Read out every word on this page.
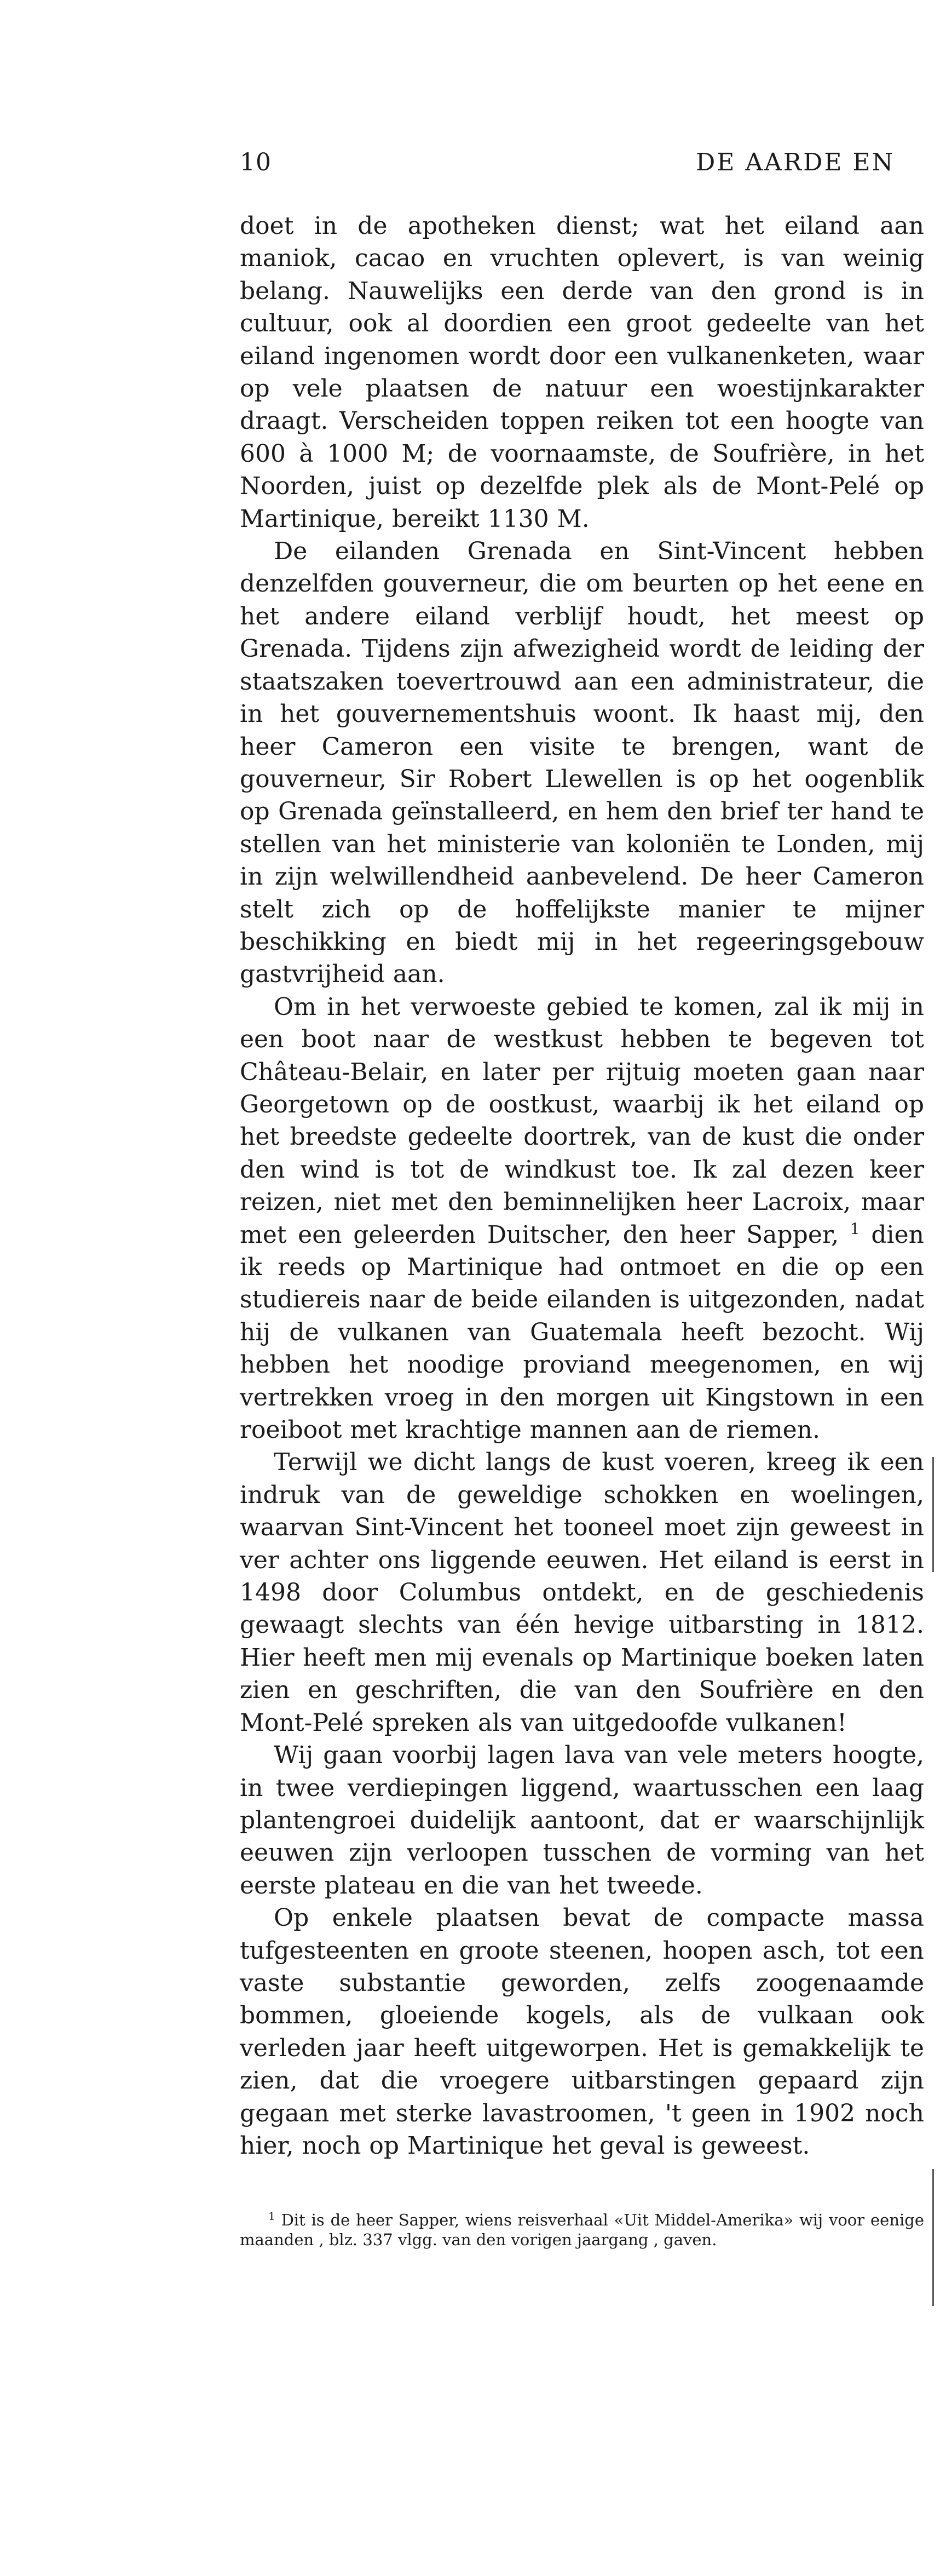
10	DE AARDE EN

doet in de apotheken dienst; wat het eiland aan maniok, cacao en vruchten oplevert, is van weinig belang. Nauwelijks een derde van den grond is in cultuur, ook al doordien een groot gedeelte van het eiland ingenomen wordt door een vulkanenketen, waar op vele plaatsen de natuur een woestijnkarakter draagt. Verscheiden toppen reiken tot een hoogte van 600 à 1000 M; de voornaamste, de Soufrière, in het Noorden, juist op dezelfde plek als de Mont-Pelé op Martinique, bereikt 1130 M.

De eilanden Grenada en Sint-Vincent hebben denzelfden gouverneur, die om beurten op het eene en het andere eiland verblijf houdt, het meest op Grenada. Tijdens zijn afwezigheid wordt de leiding der staatszaken toevertrouwd aan een administrateur, die in het gouvernementshuis woont. Ik haast mij, den heer Cameron een visite te brengen, want de gouverneur, Sir Robert Llewellen is op het oogenblik op Grenada geïnstalleerd, en hem den brief ter hand te stellen van het ministerie van koloniën te Londen, mij in zijn welwillendheid aanbevelend. De heer Cameron stelt zich op de hoffelijkste manier te mijner beschikking en biedt mij in het regeeringsgebouw gastvrijheid aan.

Om in het verwoeste gebied te komen, zal ik mij in een boot naar de westkust hebben te begeven tot Château-Belair, en later per rijtuig moeten gaan naar Georgetown op de oostkust, waarbij ik het eiland op het breedste gedeelte doortrek, van de kust die onder den wind is tot de windkust toe. Ik zal dezen keer reizen, niet met den beminnelijken heer Lacroix, maar met een geleerden Duitscher, den heer Sapper, $^1$ dien ik reeds op Martinique had ontmoet en die op een studiereis naar de beide eilanden is uitgezonden, nadat hij de vulkanen van Guatemala heeft bezocht. Wij hebben het noodige proviand meegenomen, en wij vertrekken vroeg in den morgen uit Kingstown in een roeiboot met krachtige mannen aan de riemen.

Terwijl we dicht langs de kust voeren, kreeg ik een indruk van de geweldige schokken en woelingen, waarvan Sint-Vincent het tooneel moet zijn geweest in ver achter ons liggende eeuwen. Het eiland is eerst in 1498 door Columbus ontdekt, en de geschiedenis gewaagt slechts van één hevige uitbarsting in 1812. Hier heeft men mij evenals op Martinique boeken laten zien en geschriften, die van den Soufrière en den Mont-Pelé spreken als van uitgedoofde vulkanen!

Wij gaan voorbij lagen lava van vele meters hoogte, in twee verdiepingen liggend, waartusschen een laag plantengroei duidelijk aantoont, dat er waarschijnlijk eeuwen zijn verloopen tusschen de vorming van het eerste plateau en die van het tweede.

Op enkele plaatsen bevat de compacte massa tufgesteenten en groote steenen, hoopen asch, tot een vaste substantie geworden, zelfs zoogenaamde bommen, gloeiende kogels, als de vulkaan ook verleden jaar heeft uitgeworpen. Het is gemakkelijk te zien, dat die vroegere uitbarstingen gepaard zijn gegaan met sterke lavastroomen, 't geen in 1902 noch hier, noch op Martinique het geval is geweest.

$^1$ Dit is de heer Sapper, wiens reisverhaal «Uit Middel-Amerika» wij voor eenige maanden , blz. 337 vlgg. van den vorigen jaargang , gaven.
